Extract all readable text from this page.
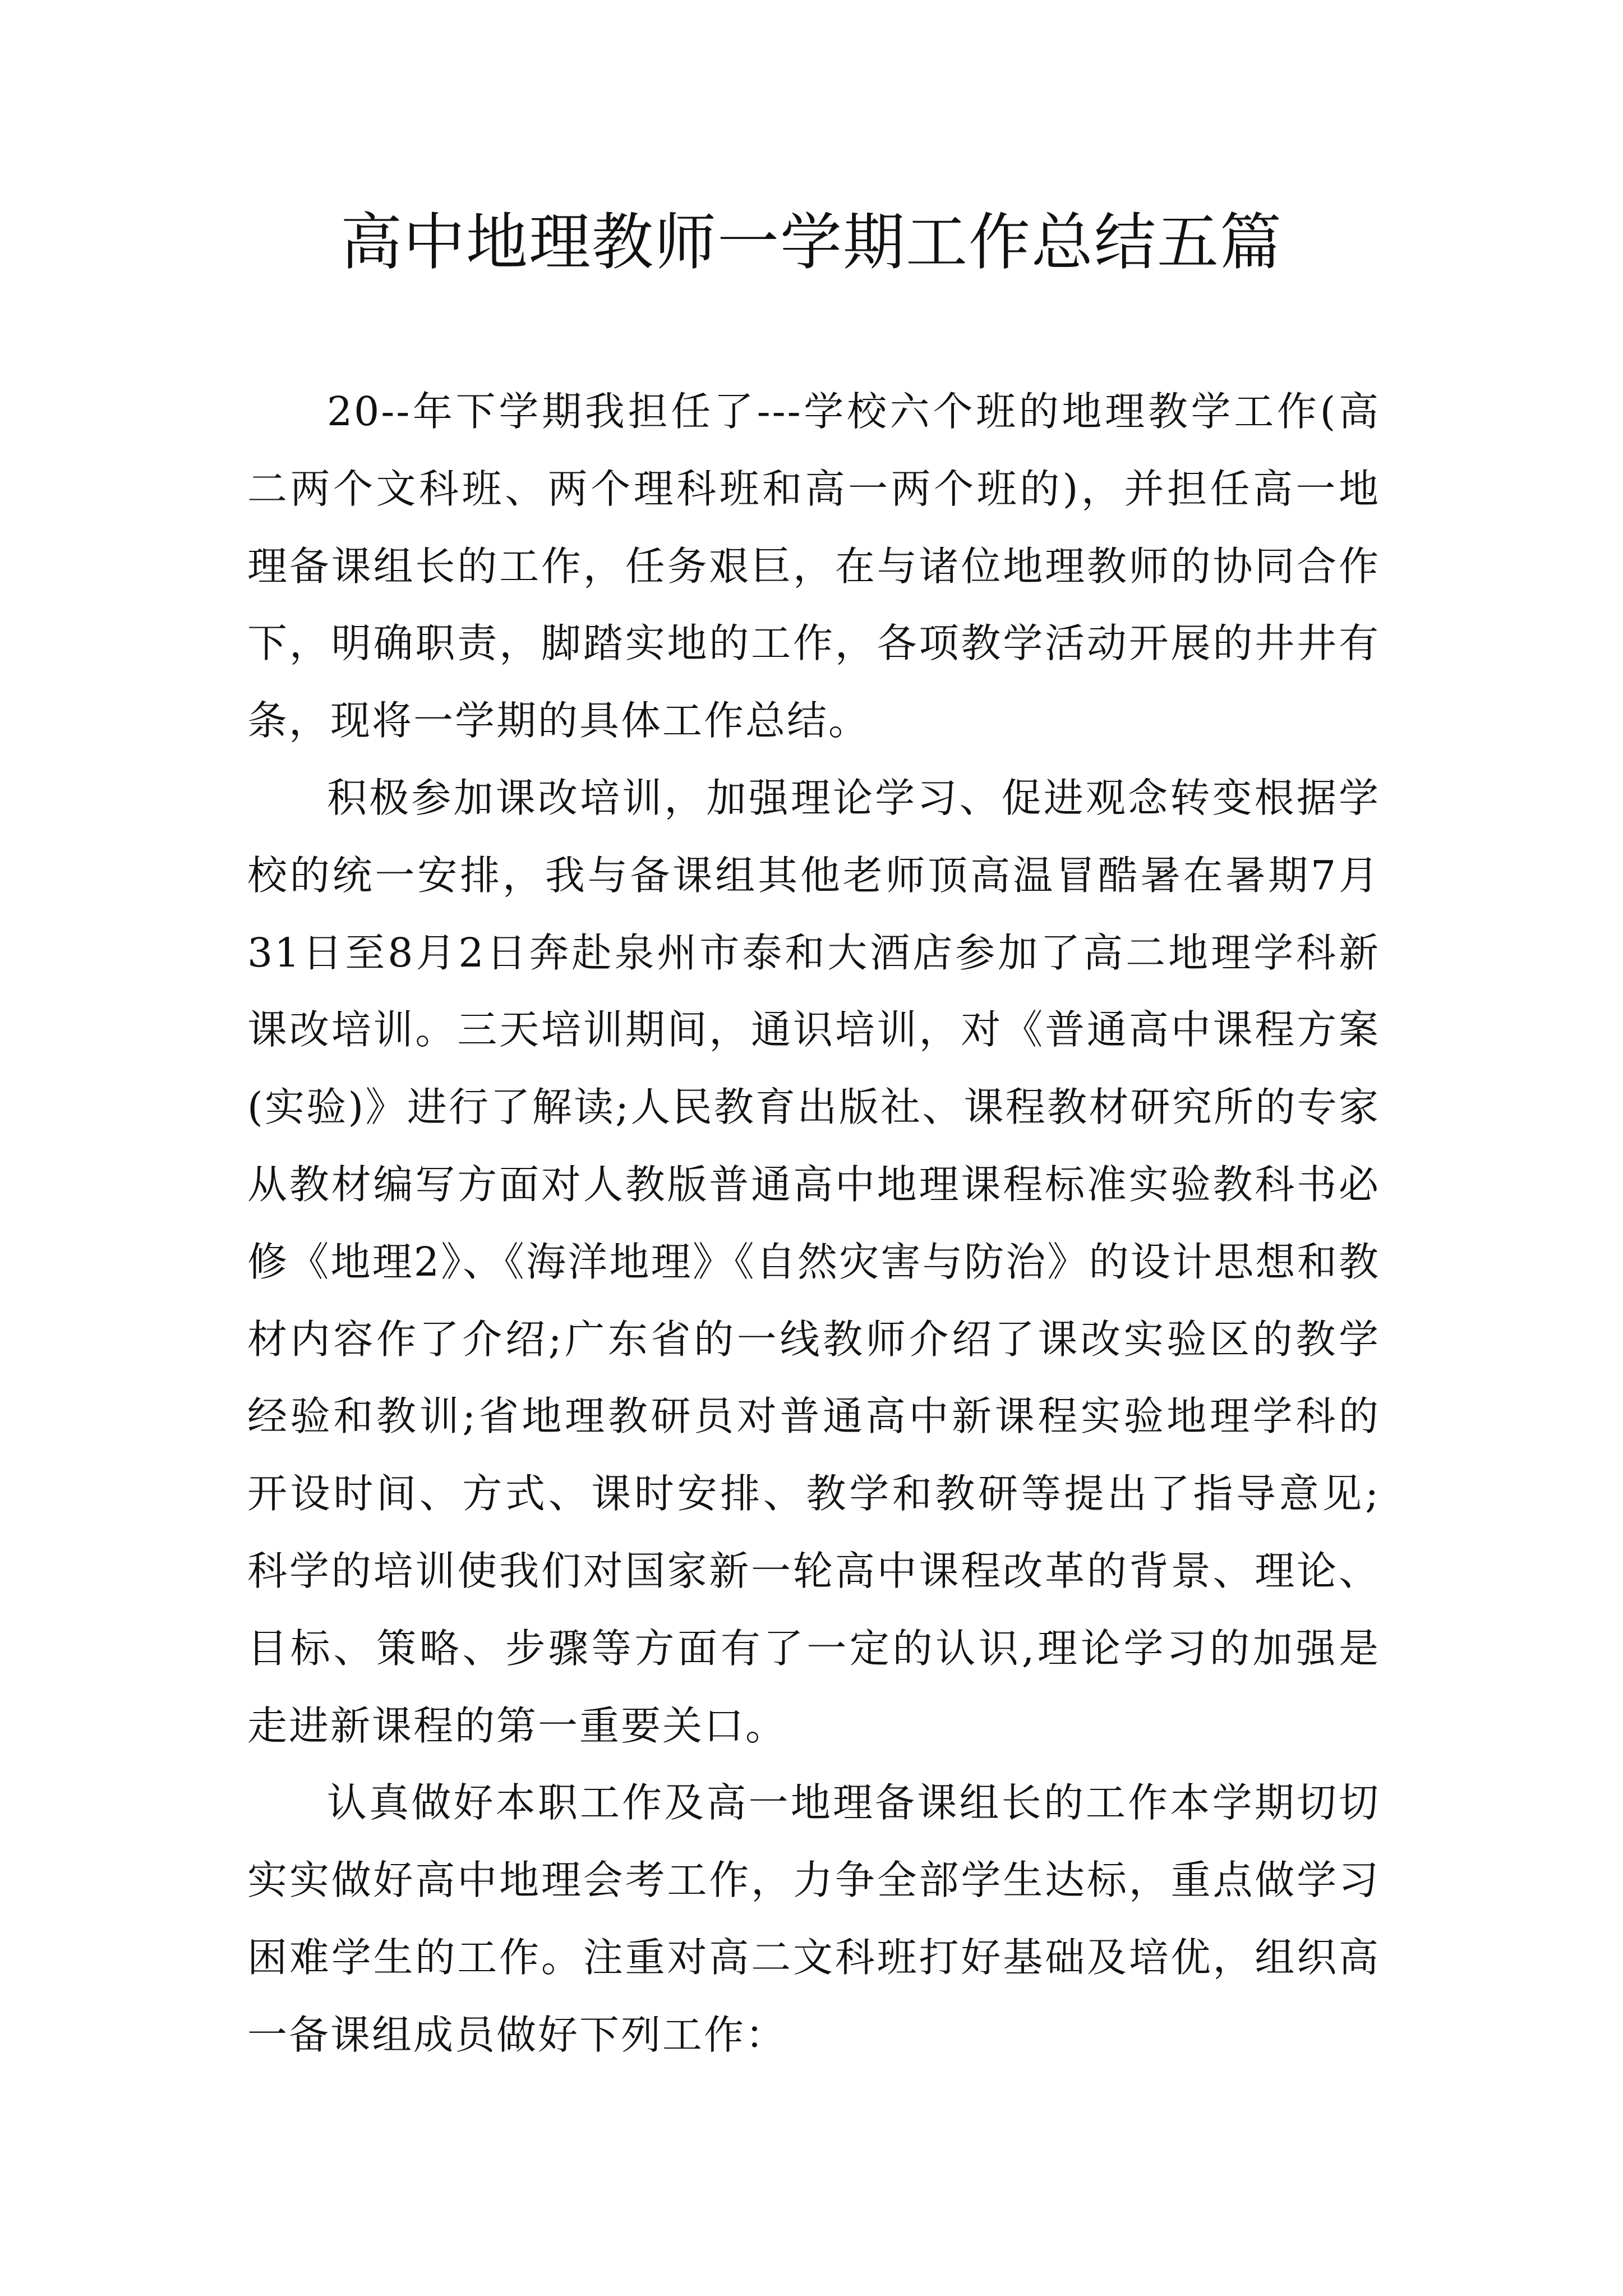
高中地理教师一学期工作总结五篇

20--年下学期我担任了---学校六个班的地理教学工作(高二两个文科班、两个理科班和高一两个班的)，并担任高一地理备课组长的工作，任务艰巨，在与诸位地理教师的协同合作下，明确职责，脚踏实地的工作，各项教学活动开展的井井有条，现将一学期的具体工作总结。

积极参加课改培训，加强理论学习、促进观念转变根据学校的统一安排，我与备课组其他老师顶高温冒酷暑在暑期7月31日至8月2日奔赴泉州市泰和大酒店参加了高二地理学科新课改培训。三天培训期间，通识培训，对《普通高中课程方案(实验)》进行了解读;人民教育出版社、课程教材研究所的专家从教材编写方面对人教版普通高中地理课程标准实验教科书必修《地理2》、《海洋地理》《自然灾害与防治》的设计思想和教材内容作了介绍;广东省的一线教师介绍了课改实验区的教学经验和教训;省地理教研员对普通高中新课程实验地理学科的开设时间、方式、课时安排、教学和教研等提出了指导意见;科学的培训使我们对国家新一轮高中课程改革的背景、理论、目标、策略、步骤等方面有了一定的认识,理论学习的加强是走进新课程的第一重要关口。

认真做好本职工作及高一地理备课组长的工作本学期切切实实做好高中地理会考工作，力争全部学生达标，重点做学习困难学生的工作。注重对高二文科班打好基础及培优，组织高一备课组成员做好下列工作：
